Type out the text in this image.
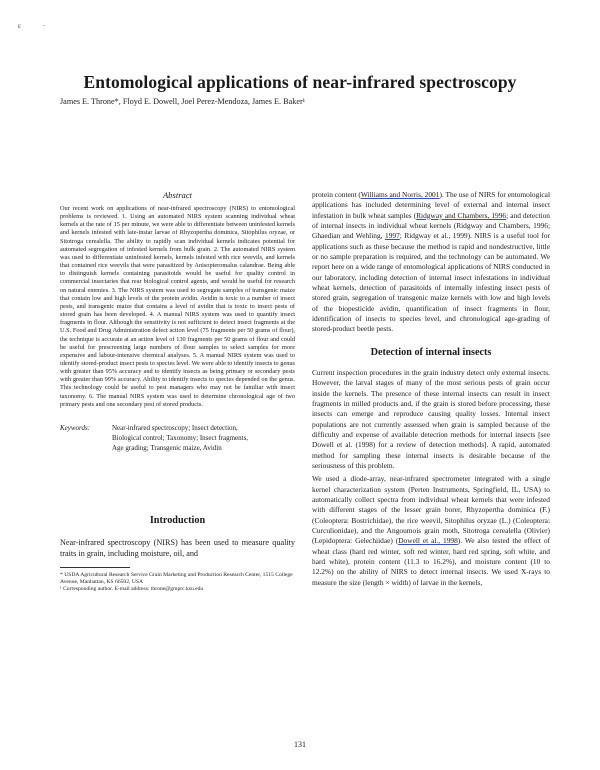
ε ·
Entomological applications of near-infrared spectroscopy
James E. Throne*, Floyd E. Dowell, Joel Perez-Mendoza, James E. Baker¹

Abstract

Our recent work on applications of near-infrared spectroscopy (NIRS) to entomological problems is reviewed. 1. Using an automated NIRS system scanning individual wheat kernels at the rate of 15 per minute, we were able to differentiate between uninfested kernels and kernels infested with late-instar larvae of Rhyzopertha dominica, Sitophilus oryzae, or Sitotroga cerealella. The ability to rapidly scan individual kernels indicates potential for automated segregation of infested kernels from bulk grain. 2. The automated NIRS system was used to differentiate uninfested kernels, kernels infested with rice weevils, and kernels that contained rice weevils that were parasitized by Anisopteromalus calandrae. Being able to distinguish kernels containing parasitoids would be useful for quality control in commercial insectaries that rear biological control agents, and would be useful for research on natural enemies. 3. The NIRS system was used to segregate samples of transgenic maize that contain low and high levels of the protein avidin. Avidin is toxic to a number of insect pests, and transgenic maize that contains a level of avidin that is toxic to insect pests of stored grain has been developed. 4. A manual NIRS system was used to quantify insect fragments in flour. Although the sensitivity is not sufficient to detect insect fragments at the U.S. Food and Drug Administration defect action level (75 fragments per 50 grams of flour), the technique is accurate at an action level of 130 fragments per 50 grams of flour and could be useful for prescreening large numbers of flour samples to select samples for more expensive and labour-intensive chemical analyses. 5. A manual NIRS system was used to identify stored-product insect pests to species level. We were able to identify insects to genus with greater than 95% accuracy and to identify insects as being primary or secondary pests with greater than 99% accuracy. Ability to identify insects to species depended on the genus. This technology could be useful to pest managers who may not be familiar with insect taxonomy. 6. The manual NIRS system was used to determine chronological age of two primary pests and one secondary pest of stored products.

Keywords:	Near-infrared spectroscopy; Insect detection,
Biological control; Taxonomy; Insect fragments,
Age grading; Transgenic maize, Avidin

Introduction

Near-infrared spectroscopy (NIRS) has been used to measure quality traits in grain, including moisture, oil, and

* USDA Agricultural Research Service Grain Marketing and Production Research Center, 1515 College Avenue, Manhattan, KS 66502, USA

¹ Corresponding author. E-mail address: throne@gmprc.ksu.edu

protein content (Williams and Norris, 2001). The use of NIRS for entomological applications has included determining level of external and internal insect infestation in bulk wheat samples (Ridgway and Chambers, 1996; and detection of internal insects in individual wheat kernels (Ridgway and Chambers, 1996; Ghaedian and Wehling, 1997; Ridgway et al., 1999). NIRS is a useful tool for applications such as these because the method is rapid and nondestructive, little or no sample preparation is required, and the technology can be automated. We report here on a wide range of entomological applications of NIRS conducted in our laboratory, including detection of internal insect infestations in individual wheat kernels, detection of parasitoids of internally infesting insect pests of stored grain, segregation of transgenic maize kernels with low and high levels of the biopesticide avidin, quantification of insect fragments in flour, identification of insects to species level, and chronological age-grading of stored-product beetle pests.

Detection of internal insects

Current inspection procedures in the grain industry detect only external insects. However, the larval stages of many of the most serious pests of grain occur inside the kernels. The presence of these internal insects can result in insect fragments in milled products and, if the grain is stored before processing, these insects can emerge and reproduce causing quality losses. Internal insect populations are not currently assessed when grain is sampled because of the difficulty and expense of available detection methods for internal insects [see Dowell et al. (1998) for a review of detection methods]. A rapid, automated method for sampling these internal insects is desirable because of the seriousness of this problem.

We used a diode-array, near-infrared spectrometer integrated with a single kernel characterization system (Perten Instruments, Springfield, IL, USA) to automatically collect spectra from individual wheat kernels that were infested with different stages of the lesser grain borer, Rhyzopertha dominica (F.) (Coleoptera: Bostrichidae), the rice weevil, Sitophilus oryzae (L.) (Coleoptera: Curculionidae), and the Angoumois grain moth, Sitotroga cerealella (Olivier) (Lepidoptera: Gelechiidae) (Dowell et al., 1998). We also tested the effect of wheat class (hard red winter, soft red winter, hard red spring, soft white, and hard white), protein content (11.3 to 16.2%), and moisture content (10 to 12.2%) on the ability of NIRS to detect internal insects. We used X-rays to measure the size (length × width) of larvae in the kernels,

131
